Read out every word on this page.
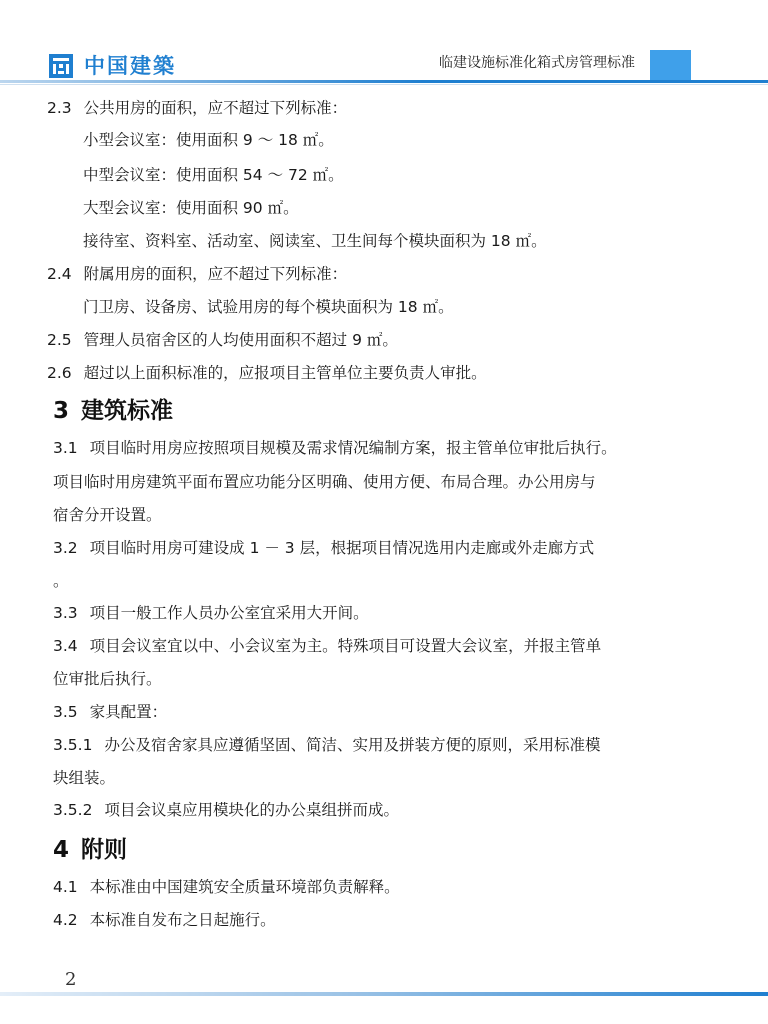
中国建築	临建设施标准化箱式房管理标准
2.3 公共用房的面积，应不超过下列标准：
小型会议室：使用面积 9 ～ 18 ㎡。
中型会议室：使用面积 54 ～ 72 ㎡。
大型会议室：使用面积 90 ㎡。
接待室、资料室、活动室、阅读室、卫生间每个模块面积为 18 ㎡。
2.4 附属用房的面积，应不超过下列标准：
门卫房、设备房、试验用房的每个模块面积为 18 ㎡。
2.5 管理人员宿舍区的人均使用面积不超过 9 ㎡。
2.6 超过以上面积标准的，应报项目主管单位主要负责人审批。
3 建筑标准
3.1 项目临时用房应按照项目规模及需求情况编制方案，报主管单位审批后执行。
项目临时用房建筑平面布置应功能分区明确、使用方便、布局合理。办公用房与
宿舍分开设置。
3.2 项目临时用房可建设成 1 － 3 层，根据项目情况选用内走廊或外走廊方式
。
3.3 项目一般工作人员办公室宜采用大开间。
3.4 项目会议室宜以中、小会议室为主。特殊项目可设置大会议室，并报主管单
位审批后执行。
3.5 家具配置：
3.5.1 办公及宿舍家具应遵循坚固、简洁、实用及拼装方便的原则，采用标准模
块组装。
3.5.2 项目会议桌应用模块化的办公桌组拼而成。
4 附则
4.1 本标准由中国建筑安全质量环境部负责解释。
4.2 本标准自发布之日起施行。
2
